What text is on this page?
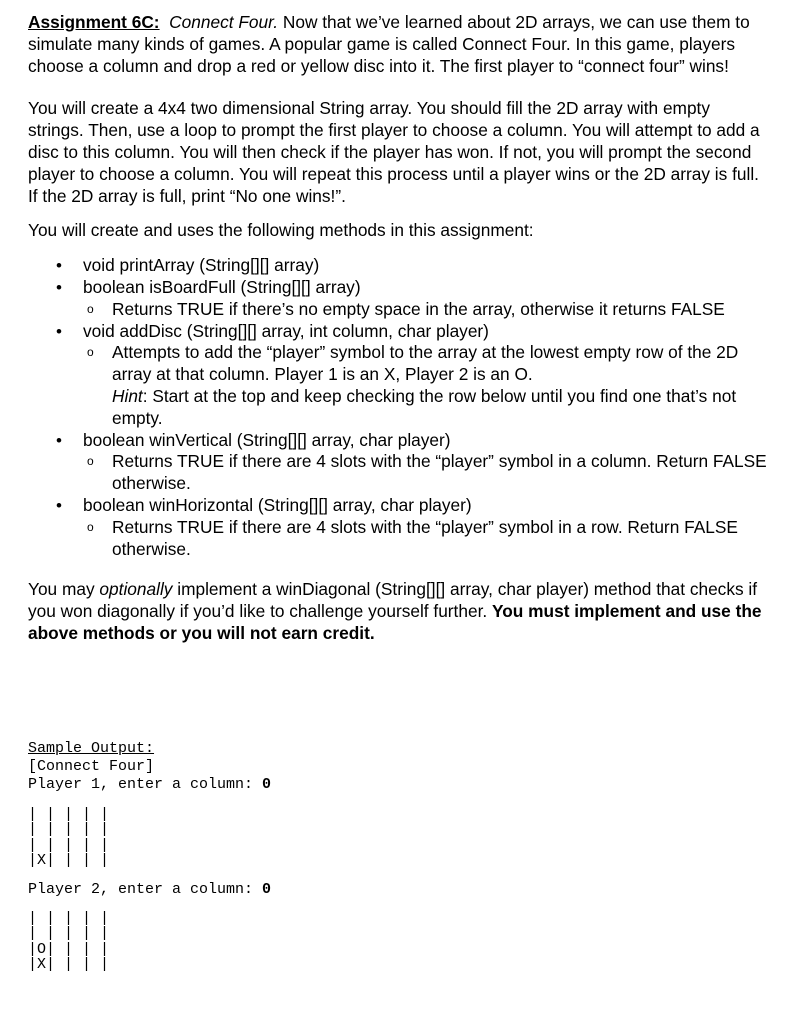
Assignment 6C: Connect Four. Now that we’ve learned about 2D arrays, we can use them to simulate many kinds of games. A popular game is called Connect Four. In this game, players choose a column and drop a red or yellow disc into it. The first player to “connect four” wins!

You will create a 4x4 two dimensional String array. You should fill the 2D array with empty strings. Then, use a loop to prompt the first player to choose a column. You will attempt to add a disc to this column. You will then check if the player has won. If not, you will prompt the second player to choose a column. You will repeat this process until a player wins or the 2D array is full. If the 2D array is full, print “No one wins!”.

You will create and uses the following methods in this assignment:

• void printArray (String[][] array)
• boolean isBoardFull (String[][] array)
o Returns TRUE if there’s no empty space in the array, otherwise it returns FALSE
• void addDisc (String[][] array, int column, char player)
o Attempts to add the “player” symbol to the array at the lowest empty row of the 2D array at that column. Player 1 is an X, Player 2 is an O.
Hint: Start at the top and keep checking the row below until you find one that’s not empty.
• boolean winVertical (String[][] array, char player)
o Returns TRUE if there are 4 slots with the “player” symbol in a column. Return FALSE otherwise.
• boolean winHorizontal (String[][] array, char player)
o Returns TRUE if there are 4 slots with the “player” symbol in a row. Return FALSE otherwise.

You may optionally implement a winDiagonal (String[][] array, char player) method that checks if you won diagonally if you’d like to challenge yourself further. You must implement and use the above methods or you will not earn credit.

Sample Output:
[Connect Four]
Player 1, enter a column: 0
| | | | |
| | | | |
| | | | |
|X| | | |
Player 2, enter a column: 0
| | | | |
| | | | |
|O| | | |
|X| | | |
